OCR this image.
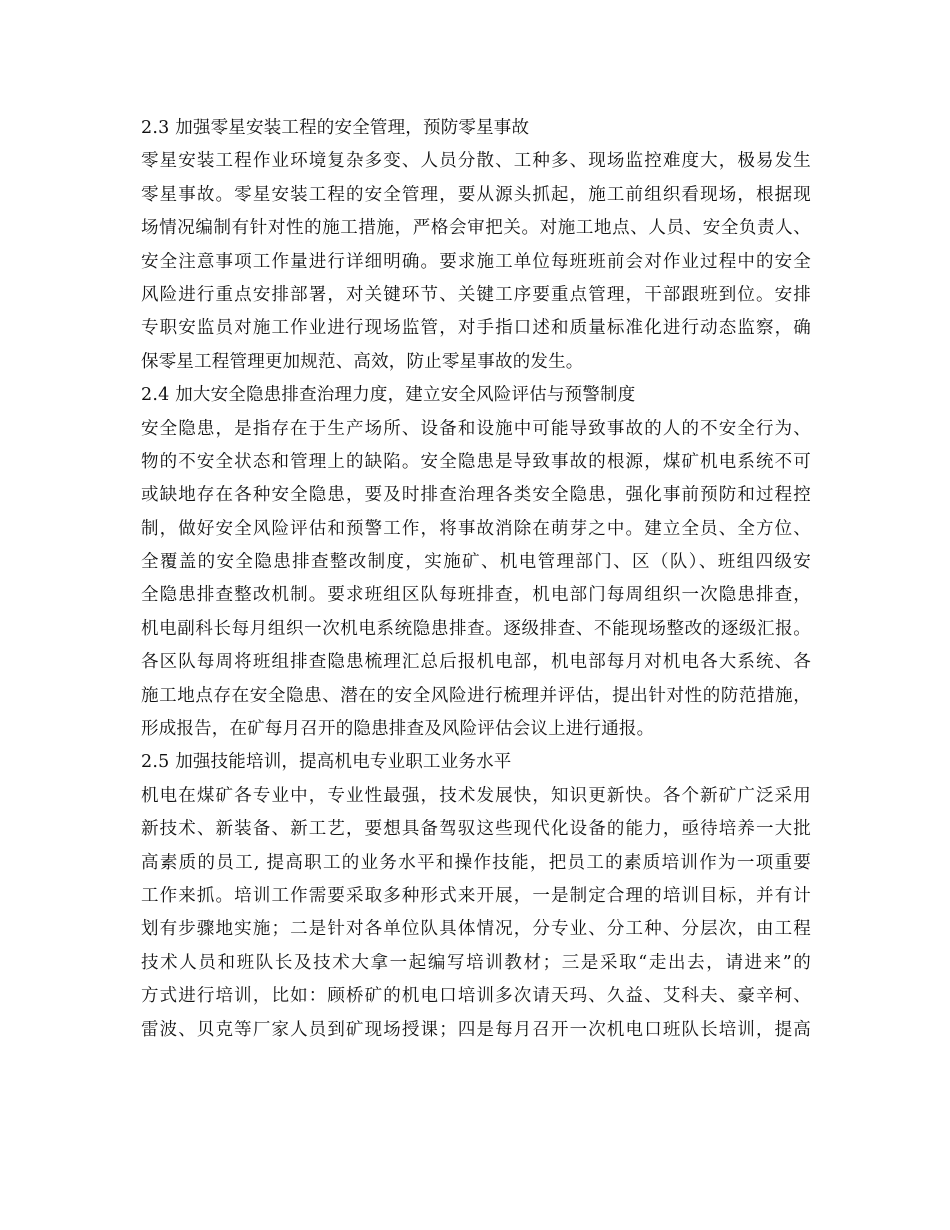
2.3 加强零星安装工程的安全管理，预防零星事故
零星安装工程作业环境复杂多变、人员分散、工种多、现场监控难度大，极易发生
零星事故。零星安装工程的安全管理，要从源头抓起，施工前组织看现场，根据现
场情况编制有针对性的施工措施，严格会审把关。对施工地点、人员、安全负责人、
安全注意事项工作量进行详细明确。要求施工单位每班班前会对作业过程中的安全
风险进行重点安排部署，对关键环节、关键工序要重点管理，干部跟班到位。安排
专职安监员对施工作业进行现场监管，对手指口述和质量标准化进行动态监察，确
保零星工程管理更加规范、高效，防止零星事故的发生。
2.4 加大安全隐患排查治理力度，建立安全风险评估与预警制度
安全隐患，是指存在于生产场所、设备和设施中可能导致事故的人的不安全行为、
物的不安全状态和管理上的缺陷。安全隐患是导致事故的根源，煤矿机电系统不可
或缺地存在各种安全隐患，要及时排查治理各类安全隐患，强化事前预防和过程控
制，做好安全风险评估和预警工作，将事故消除在萌芽之中。建立全员、全方位、
全覆盖的安全隐患排查整改制度，实施矿、机电管理部门、区（队）、班组四级安
全隐患排查整改机制。要求班组区队每班排查，机电部门每周组织一次隐患排查，
机电副科长每月组织一次机电系统隐患排查。逐级排查、不能现场整改的逐级汇报。
各区队每周将班组排查隐患梳理汇总后报机电部，机电部每月对机电各大系统、各
施工地点存在安全隐患、潜在的安全风险进行梳理并评估，提出针对性的防范措施，
形成报告，在矿每月召开的隐患排查及风险评估会议上进行通报。
2.5 加强技能培训，提高机电专业职工业务水平
机电在煤矿各专业中，专业性最强，技术发展快，知识更新快。各个新矿广泛采用
新技术、新装备、新工艺，要想具备驾驭这些现代化设备的能力，亟待培养一大批
高素质的员工, 提高职工的业务水平和操作技能，把员工的素质培训作为一项重要
工作来抓。培训工作需要采取多种形式来开展，一是制定合理的培训目标，并有计
划有步骤地实施；二是针对各单位队具体情况，分专业、分工种、分层次，由工程
技术人员和班队长及技术大拿一起编写培训教材；三是采取“走出去，请进来”的
方式进行培训，比如：顾桥矿的机电口培训多次请天玛、久益、艾科夫、豪辛柯、
雷波、贝克等厂家人员到矿现场授课；四是每月召开一次机电口班队长培训，提高
